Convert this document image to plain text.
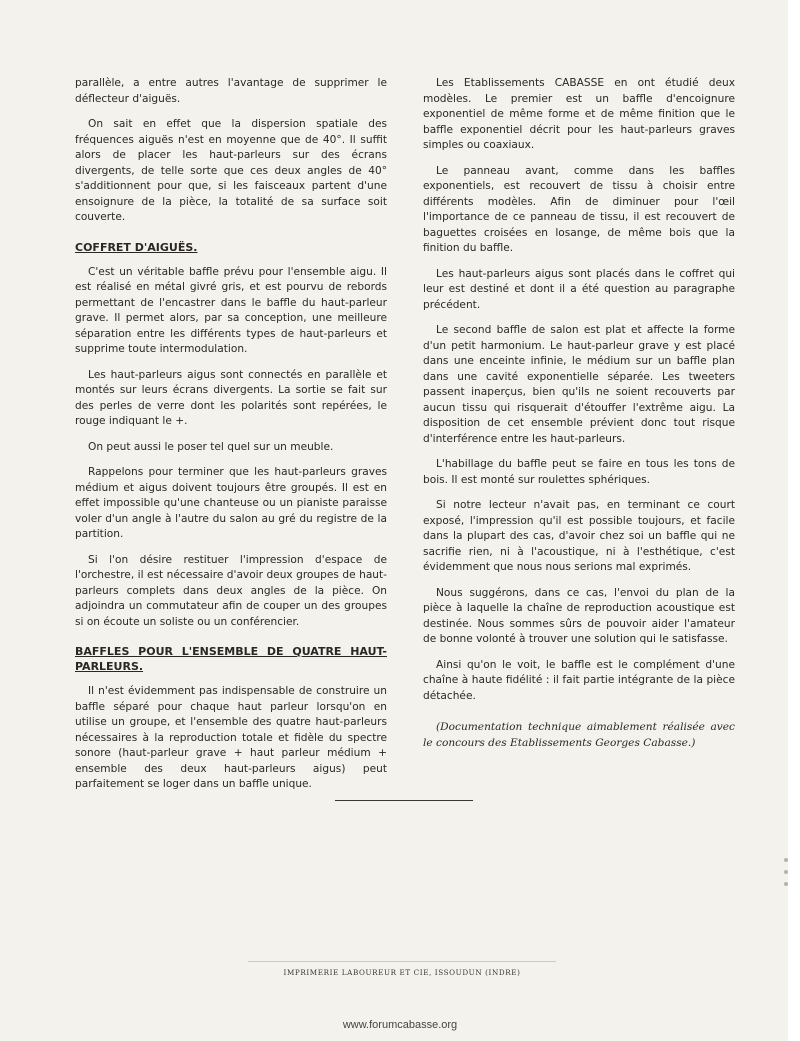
parallèle, a entre autres l'avantage de supprimer le déflecteur d'aiguës.

On sait en effet que la dispersion spatiale des fréquences aiguës n'est en moyenne que de 40°. Il suffit alors de placer les haut-parleurs sur des écrans divergents, de telle sorte que ces deux angles de 40° s'additionnent pour que, si les faisceaux partent d'une ensoignure de la pièce, la totalité de sa surface soit couverte.

COFFRET D'AIGUËS.

C'est un véritable baffle prévu pour l'ensemble aigu. Il est réalisé en métal givré gris, et est pourvu de rebords permettant de l'encastrer dans le baffle du haut-parleur grave. Il permet alors, par sa conception, une meilleure séparation entre les différents types de haut-parleurs et supprime toute intermodulation.

Les haut-parleurs aigus sont connectés en parallèle et montés sur leurs écrans divergents. La sortie se fait sur des perles de verre dont les polarités sont repérées, le rouge indiquant le +.

On peut aussi le poser tel quel sur un meuble.

Rappelons pour terminer que les haut-parleurs graves médium et aigus doivent toujours être groupés. Il est en effet impossible qu'une chanteuse ou un pianiste paraisse voler d'un angle à l'autre du salon au gré du registre de la partition.

Si l'on désire restituer l'impression d'espace de l'orchestre, il est nécessaire d'avoir deux groupes de haut-parleurs complets dans deux angles de la pièce. On adjoindra un commutateur afin de couper un des groupes si on écoute un soliste ou un conférencier.

BAFFLES POUR L'ENSEMBLE DE QUATRE HAUT-PARLEURS.

Il n'est évidemment pas indispensable de construire un baffle séparé pour chaque haut parleur lorsqu'on en utilise un groupe, et l'ensemble des quatre haut-parleurs nécessaires à la reproduction totale et fidèle du spectre sonore (haut-parleur grave + haut parleur médium + ensemble des deux haut-parleurs aigus) peut parfaitement se loger dans un baffle unique.

Les Etablissements CABASSE en ont étudié deux modèles. Le premier est un baffle d'encoignure exponentiel de même forme et de même finition que le baffle exponentiel décrit pour les haut-parleurs graves simples ou coaxiaux.

Le panneau avant, comme dans les baffles exponentiels, est recouvert de tissu à choisir entre différents modèles. Afin de diminuer pour l'œil l'importance de ce panneau de tissu, il est recouvert de baguettes croisées en losange, de même bois que la finition du baffle.

Les haut-parleurs aigus sont placés dans le coffret qui leur est destiné et dont il a été question au paragraphe précédent.

Le second baffle de salon est plat et affecte la forme d'un petit harmonium. Le haut-parleur grave y est placé dans une enceinte infinie, le médium sur un baffle plan dans une cavité exponentielle séparée. Les tweeters passent inaperçus, bien qu'ils ne soient recouverts par aucun tissu qui risquerait d'étouffer l'extrême aigu. La disposition de cet ensemble prévient donc tout risque d'interférence entre les haut-parleurs.

L'habillage du baffle peut se faire en tous les tons de bois. Il est monté sur roulettes sphériques.

Si notre lecteur n'avait pas, en terminant ce court exposé, l'impression qu'il est possible toujours, et facile dans la plupart des cas, d'avoir chez soi un baffle qui ne sacrifie rien, ni à l'acoustique, ni à l'esthétique, c'est évidemment que nous nous serions mal exprimés.

Nous suggérons, dans ce cas, l'envoi du plan de la pièce à laquelle la chaîne de reproduction acoustique est destinée. Nous sommes sûrs de pouvoir aider l'amateur de bonne volonté à trouver une solution qui le satisfasse.

Ainsi qu'on le voit, le baffle est le complément d'une chaîne à haute fidélité : il fait partie intégrante de la pièce détachée.

(Documentation technique aimablement réalisée avec le concours des Etablissements Georges Cabasse.)

IMPRIMERIE LABOUREUR ET CIE, ISSOUDUN (INDRE)
www.forumcabasse.org
